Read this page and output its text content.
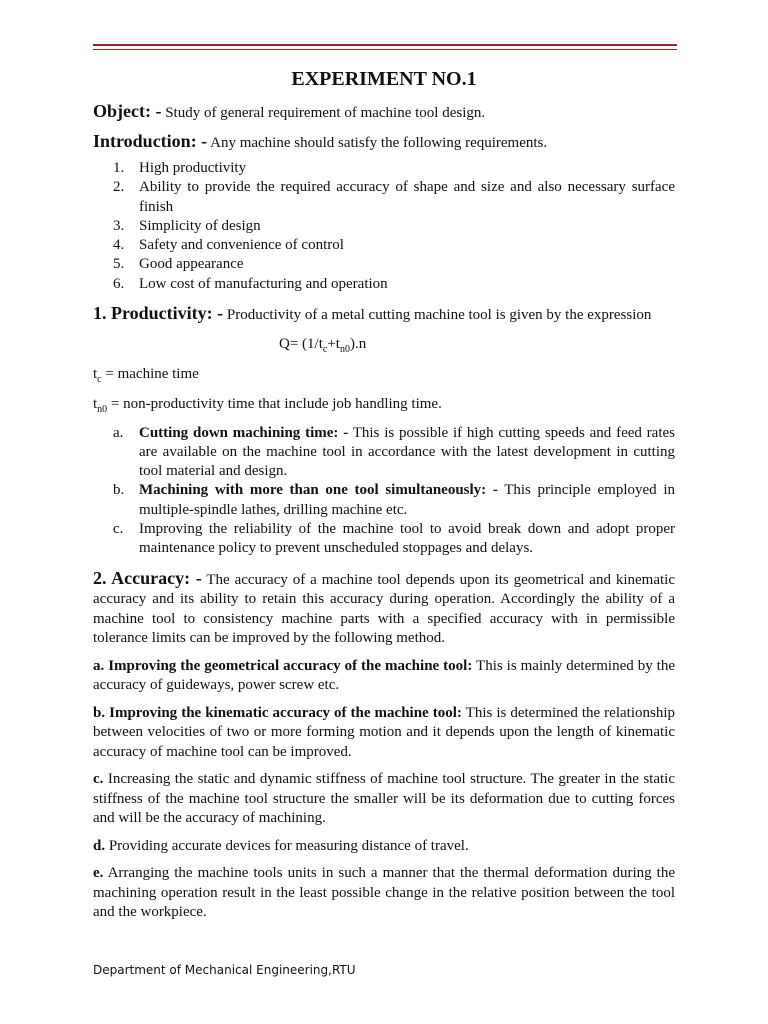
EXPERIMENT NO.1

Object: - Study of general requirement of machine tool design.

Introduction: - Any machine should satisfy the following requirements.

1. High productivity
2. Ability to provide the required accuracy of shape and size and also necessary surface finish
3. Simplicity of design
4. Safety and convenience of control
5. Good appearance
6. Low cost of manufacturing and operation

1. Productivity: - Productivity of a metal cutting machine tool is given by the expression

$Q= (1/t_c+t_{n0}).n$
$t_c$ = machine time
$t_{n0}$ = non-productivity time that include job handling time.
a. Cutting down machining time: - This is possible if high cutting speeds and feed rates are available on the machine tool in accordance with the latest development in cutting tool material and design.
b. Machining with more than one tool simultaneously: - This principle employed in multiple-spindle lathes, drilling machine etc.
c. Improving the reliability of the machine tool to avoid break down and adopt proper maintenance policy to prevent unscheduled stoppages and delays.

2. Accuracy: - The accuracy of a machine tool depends upon its geometrical and kinematic accuracy and its ability to retain this accuracy during operation. Accordingly the ability of a machine tool to consistency machine parts with a specified accuracy with in permissible tolerance limits can be improved by the following method.

a. Improving the geometrical accuracy of the machine tool: This is mainly determined by the accuracy of guideways, power screw etc.

b. Improving the kinematic accuracy of the machine tool: This is determined the relationship between velocities of two or more forming motion and it depends upon the length of kinematic accuracy of machine tool can be improved.

c. Increasing the static and dynamic stiffness of machine tool structure. The greater in the static stiffness of the machine tool structure the smaller will be its deformation due to cutting forces and will be the accuracy of machining.

d. Providing accurate devices for measuring distance of travel.

e. Arranging the machine tools units in such a manner that the thermal deformation during the machining operation result in the least possible change in the relative position between the tool and the workpiece.

Department of Mechanical Engineering,RTU
